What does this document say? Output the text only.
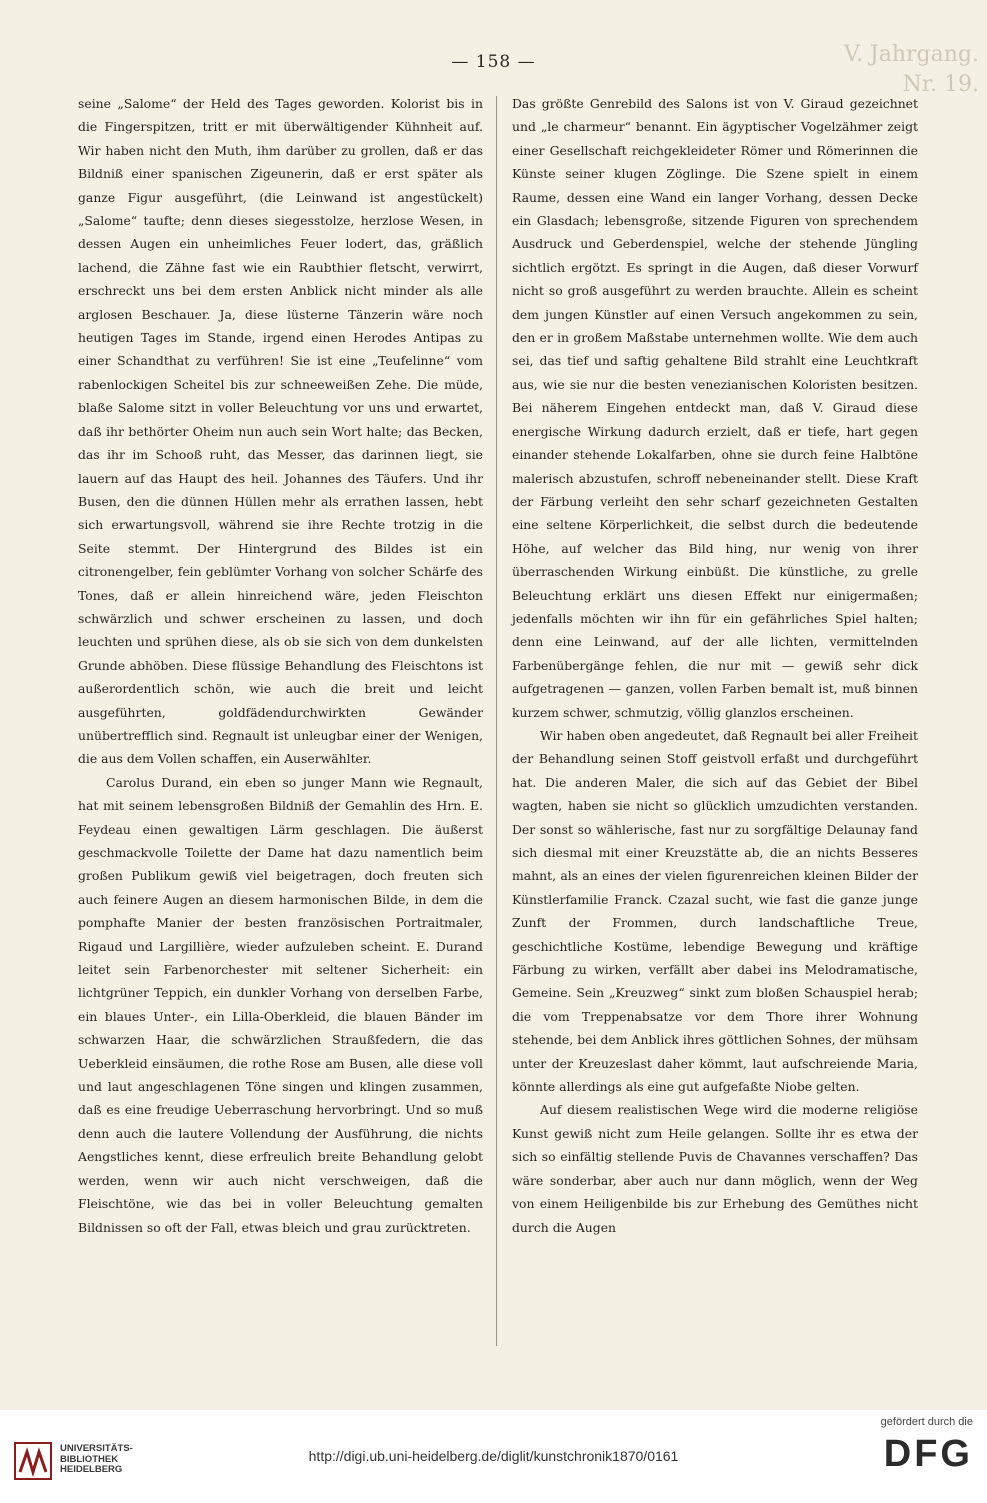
V. Jahrgang. Nr. 19.
— 158 —

seine „Salome“ der Held des Tages geworden. Kolorist bis in die Fingerspitzen, tritt er mit überwältigender Kühnheit auf. Wir haben nicht den Muth, ihm darüber zu grollen, daß er das Bildniß einer spanischen Zigeunerin, daß er erst später als ganze Figur ausgeführt, (die Leinwand ist angestückelt) „Salome“ taufte; denn dieses siegesstolze, herzlose Wesen, in dessen Augen ein unheimliches Feuer lodert, das, gräßlich lachend, die Zähne fast wie ein Raubthier fletscht, verwirrt, erschreckt uns bei dem ersten Anblick nicht minder als alle arglosen Beschauer. Ja, diese lüsterne Tänzerin wäre noch heutigen Tages im Stande, irgend einen Herodes Antipas zu einer Schandthat zu verführen! Sie ist eine „Teufelinne“ vom rabenlockigen Scheitel bis zur schneeweißen Zehe. Die müde, blaße Salome sitzt in voller Beleuchtung vor uns und erwartet, daß ihr bethörter Oheim nun auch sein Wort halte; das Becken, das ihr im Schooß ruht, das Messer, das darinnen liegt, sie lauern auf das Haupt des heil. Johannes des Täufers. Und ihr Busen, den die dünnen Hüllen mehr als errathen lassen, hebt sich erwartungsvoll, während sie ihre Rechte trotzig in die Seite stemmt. Der Hintergrund des Bildes ist ein citronengelber, fein geblümter Vorhang von solcher Schärfe des Tones, daß er allein hinreichend wäre, jeden Fleischton schwärzlich und schwer erscheinen zu lassen, und doch leuchten und sprühen diese, als ob sie sich von dem dunkelsten Grunde abhöben. Diese flüssige Behandlung des Fleischtons ist außerordentlich schön, wie auch die breit und leicht ausgeführten, goldfädendurchwirkten Gewänder unübertrefflich sind. Regnault ist unleugbar einer der Wenigen, die aus dem Vollen schaffen, ein Auserwählter.

Carolus Durand, ein eben so junger Mann wie Regnault, hat mit seinem lebensgroßen Bildniß der Gemahlin des Hrn. E. Feydeau einen gewaltigen Lärm geschlagen. Die äußerst geschmackvolle Toilette der Dame hat dazu namentlich beim großen Publikum gewiß viel beigetragen, doch freuten sich auch feinere Augen an diesem harmonischen Bilde, in dem die pomphafte Manier der besten französischen Portraitmaler, Rigaud und Largillière, wieder aufzuleben scheint. E. Durand leitet sein Farbenorchester mit seltener Sicherheit: ein lichtgrüner Teppich, ein dunkler Vorhang von derselben Farbe, ein blaues Unter-, ein Lilla-Oberkleid, die blauen Bänder im schwarzen Haar, die schwärzlichen Straußfedern, die das Ueberkleid einsäumen, die rothe Rose am Busen, alle diese voll und laut angeschlagenen Töne singen und klingen zusammen, daß es eine freudige Ueberraschung hervorbringt. Und so muß denn auch die lautere Vollendung der Ausführung, die nichts Aengstliches kennt, diese erfreulich breite Behandlung gelobt werden, wenn wir auch nicht verschweigen, daß die Fleischtöne, wie das bei in voller Beleuchtung gemalten Bildnissen so oft der Fall, etwas bleich und grau zurücktreten.

Das größte Genrebild des Salons ist von V. Giraud gezeichnet und „le charmeur“ benannt. Ein ägyptischer Vogelzähmer zeigt einer Gesellschaft reichgekleideter Römer und Römerinnen die Künste seiner klugen Zöglinge. Die Szene spielt in einem Raume, dessen eine Wand ein langer Vorhang, dessen Decke ein Glasdach; lebensgroße, sitzende Figuren von sprechendem Ausdruck und Geberdenspiel, welche der stehende Jüngling sichtlich ergötzt. Es springt in die Augen, daß dieser Vorwurf nicht so groß ausgeführt zu werden brauchte. Allein es scheint dem jungen Künstler auf einen Versuch angekommen zu sein, den er in großem Maßstabe unternehmen wollte. Wie dem auch sei, das tief und saftig gehaltene Bild strahlt eine Leuchtkraft aus, wie sie nur die besten venezianischen Koloristen besitzen. Bei näherem Eingehen entdeckt man, daß V. Giraud diese energische Wirkung dadurch erzielt, daß er tiefe, hart gegen einander stehende Lokalfarben, ohne sie durch feine Halbtöne malerisch abzustufen, schroff nebeneinander stellt. Diese Kraft der Färbung verleiht den sehr scharf gezeichneten Gestalten eine seltene Körperlichkeit, die selbst durch die bedeutende Höhe, auf welcher das Bild hing, nur wenig von ihrer überraschenden Wirkung einbüßt. Die künstliche, zu grelle Beleuchtung erklärt uns diesen Effekt nur einigermaßen; jedenfalls möchten wir ihn für ein gefährliches Spiel halten; denn eine Leinwand, auf der alle lichten, vermittelnden Farbenübergänge fehlen, die nur mit — gewiß sehr dick aufgetragenen — ganzen, vollen Farben bemalt ist, muß binnen kurzem schwer, schmutzig, völlig glanzlos erscheinen.

Wir haben oben angedeutet, daß Regnault bei aller Freiheit der Behandlung seinen Stoff geistvoll erfaßt und durchgeführt hat. Die anderen Maler, die sich auf das Gebiet der Bibel wagten, haben sie nicht so glücklich umzudichten verstanden. Der sonst so wählerische, fast nur zu sorgfältige Delaunay fand sich diesmal mit einer Kreuzstätte ab, die an nichts Besseres mahnt, als an eines der vielen figurenreichen kleinen Bilder der Künstlerfamilie Franck. Czazal sucht, wie fast die ganze junge Zunft der Frommen, durch landschaftliche Treue, geschichtliche Kostüme, lebendige Bewegung und kräftige Färbung zu wirken, verfällt aber dabei ins Melodramatische, Gemeine. Sein „Kreuzweg“ sinkt zum bloßen Schauspiel herab; die vom Treppenabsatze vor dem Thore ihrer Wohnung stehende, bei dem Anblick ihres göttlichen Sohnes, der mühsam unter der Kreuzeslast daher kömmt, laut aufschreiende Maria, könnte allerdings als eine gut aufgefaßte Niobe gelten.

Auf diesem realistischen Wege wird die moderne religiöse Kunst gewiß nicht zum Heile gelangen. Sollte ihr es etwa der sich so einfältig stellende Puvis de Chavannes verschaffen? Das wäre sonderbar, aber auch nur dann möglich, wenn der Weg von einem Heiligenbilde bis zur Erhebung des Gemüthes nicht durch die Augen

UNIVERSITÄTS-
BIBLIOTHEK
HEIDELBERG
http://digi.ub.uni-heidelberg.de/diglit/kunstchronik1870/0161
gefördert durch die
DFG
